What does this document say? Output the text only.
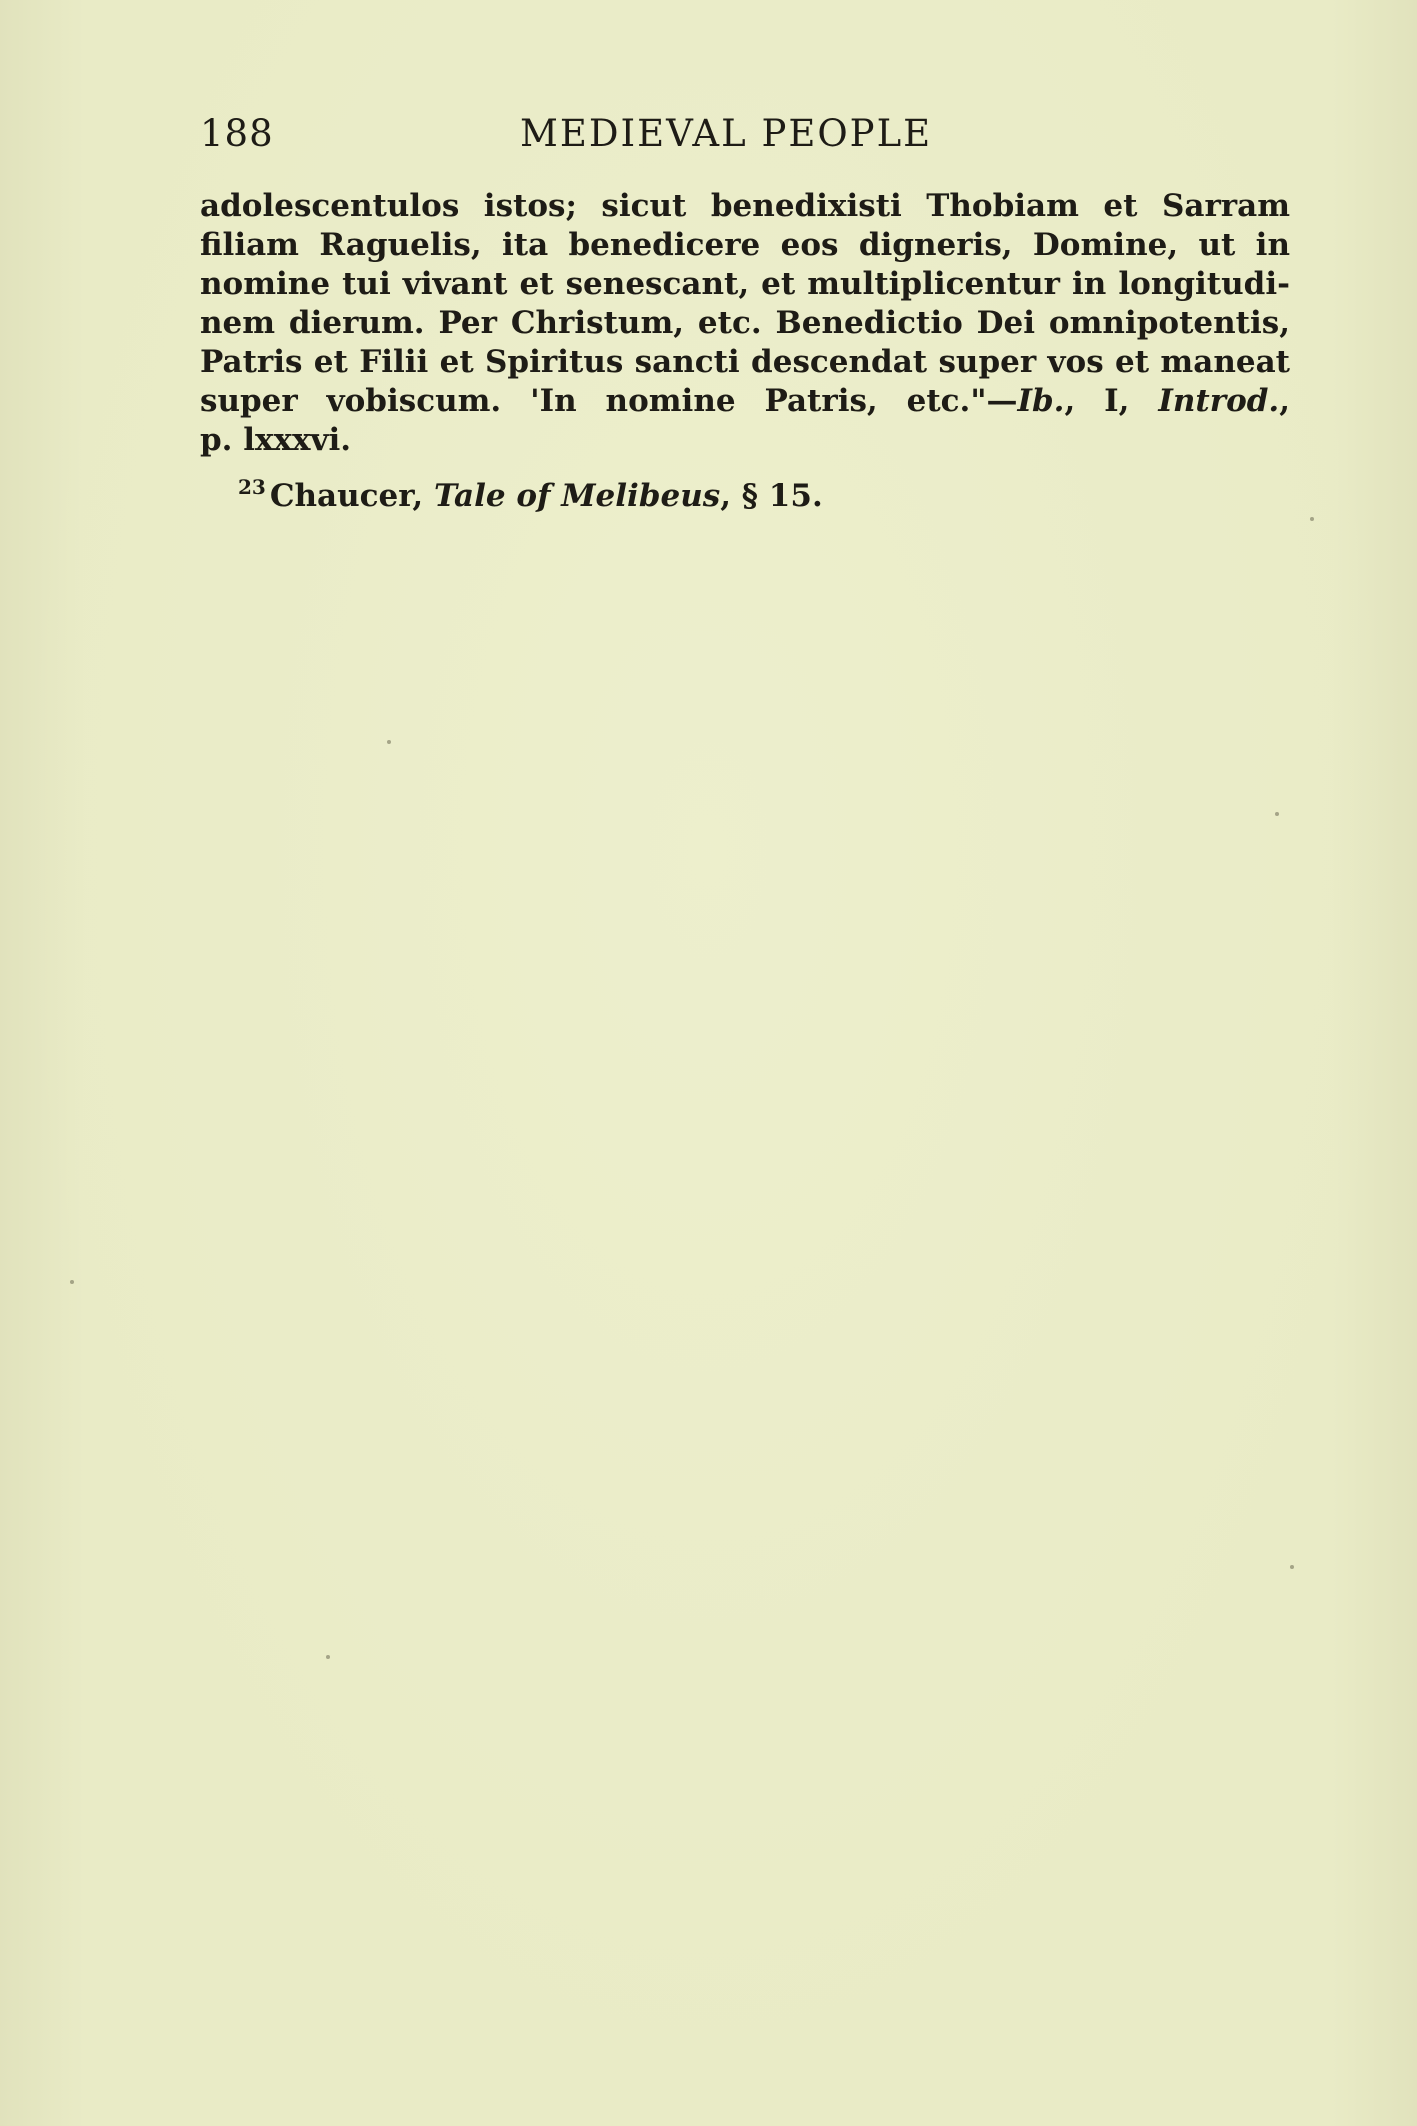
188	MEDIEVAL PEOPLE
adolescentulos istos; sicut benedixisti Thobiam et Sarram
filiam Raguelis, ita benedicere eos digneris, Domine, ut in
nomine tui vivant et senescant, et multiplicentur in longitudi-
nem dierum. Per Christum, etc. Benedictio Dei omnipotentis,
Patris et Filii et Spiritus sancti descendat super vos et maneat
super vobiscum. 'In nomine Patris, etc."—Ib., I, Introd.,
p. lxxxvi.
$^{23}$ Chaucer, Tale of Melibeus, § 15.
